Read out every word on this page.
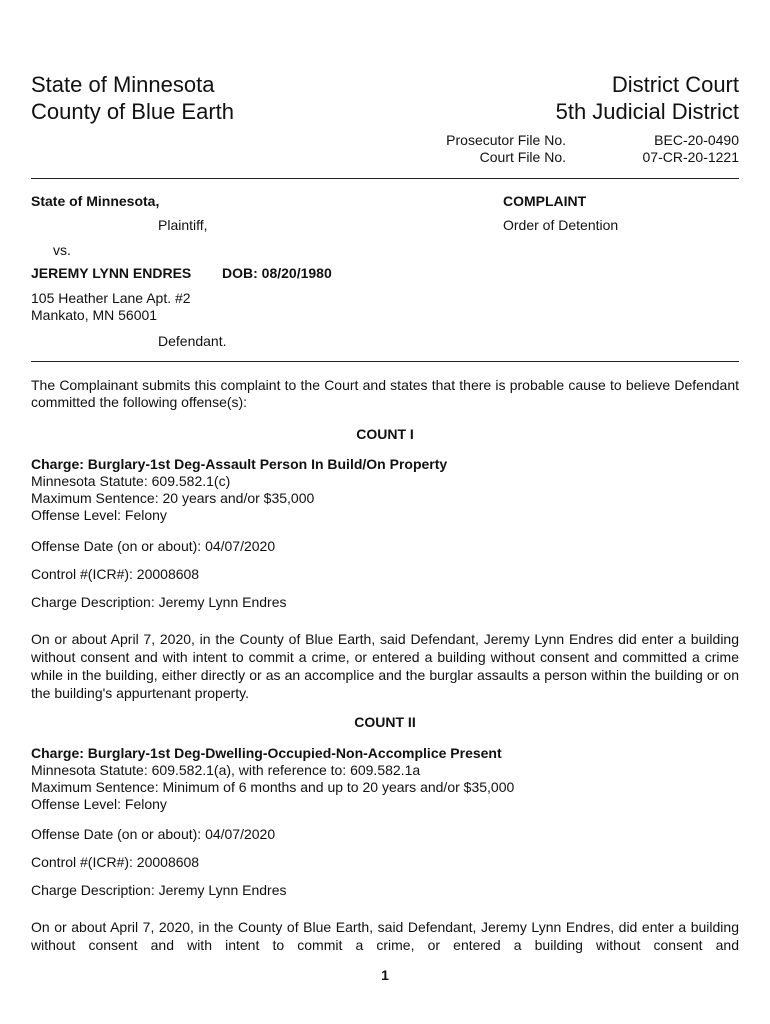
State of Minnesota
County of Blue Earth
District Court
5th Judicial District
Prosecutor File No.
Court File No.
BEC-20-0490
07-CR-20-1221
State of Minnesota,
Plaintiff,
vs.
JEREMY LYNN ENDRES DOB: 08/20/1980
105 Heather Lane Apt. #2
Mankato, MN 56001
Defendant.
COMPLAINT
Order of Detention
The Complainant submits this complaint to the Court and states that there is probable cause to believe Defendant committed the following offense(s):
COUNT I
Charge: Burglary-1st Deg-Assault Person In Build/On Property
Minnesota Statute: 609.582.1(c)
Maximum Sentence: 20 years and/or $35,000
Offense Level: Felony
Offense Date (on or about): 04/07/2020
Control #(ICR#): 20008608
Charge Description: Jeremy Lynn Endres
On or about April 7, 2020, in the County of Blue Earth, said Defendant, Jeremy Lynn Endres did enter a building without consent and with intent to commit a crime, or entered a building without consent and committed a crime while in the building, either directly or as an accomplice and the burglar assaults a person within the building or on the building's appurtenant property.
COUNT II
Charge: Burglary-1st Deg-Dwelling-Occupied-Non-Accomplice Present
Minnesota Statute: 609.582.1(a), with reference to: 609.582.1a
Maximum Sentence: Minimum of 6 months and up to 20 years and/or $35,000
Offense Level: Felony
Offense Date (on or about): 04/07/2020
Control #(ICR#): 20008608
Charge Description: Jeremy Lynn Endres
On or about April 7, 2020, in the County of Blue Earth, said Defendant, Jeremy Lynn Endres, did enter a building without consent and with intent to commit a crime, or entered a building without consent and
1
